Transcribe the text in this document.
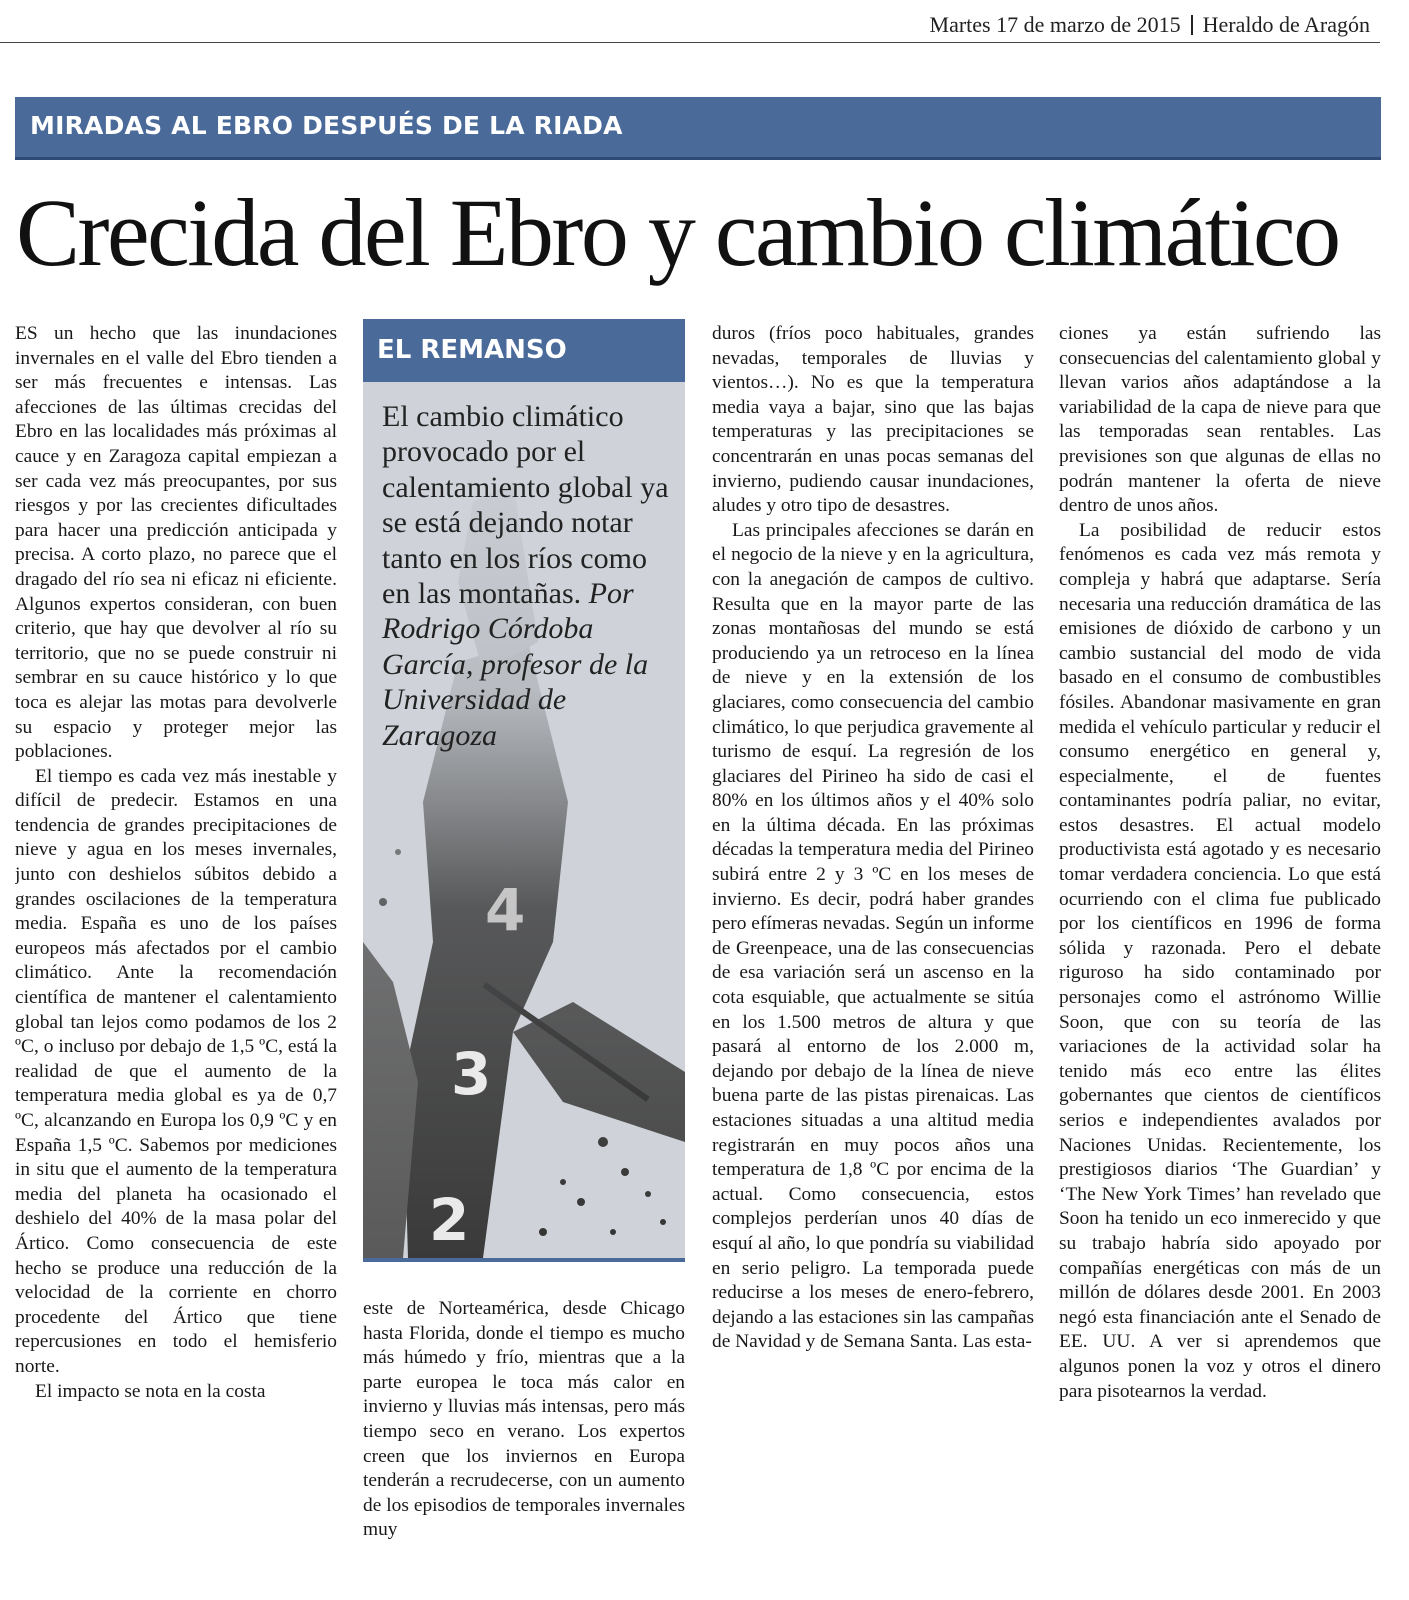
Martes 17 de marzo de 2015 Heraldo de Aragón
MIRADAS AL EBRO DESPUÉS DE LA RIADA
Crecida del Ebro y cambio climático

ES un hecho que las inundaciones invernales en el valle del Ebro tienden a ser más frecuentes e intensas. Las afecciones de las últimas crecidas del Ebro en las localidades más próximas al cauce y en Zaragoza capital empiezan a ser cada vez más preocupantes, por sus riesgos y por las crecientes dificultades para hacer una predicción anticipada y precisa. A corto plazo, no parece que el dragado del río sea ni eficaz ni eficiente. Algunos expertos consideran, con buen criterio, que hay que devolver al río su territorio, que no se puede construir ni sembrar en su cauce histórico y lo que toca es alejar las motas para devolverle su espacio y proteger mejor las poblaciones.

El tiempo es cada vez más inestable y difícil de predecir. Estamos en una tendencia de grandes precipitaciones de nieve y agua en los meses invernales, junto con deshielos súbitos debido a grandes oscilaciones de la temperatura media. España es uno de los países europeos más afectados por el cambio climático. Ante la recomendación científica de mantener el calentamiento global tan lejos como podamos de los 2 ºC, o incluso por debajo de 1,5 ºC, está la realidad de que el aumento de la temperatura media global es ya de 0,7 ºC, alcanzando en Europa los 0,9 ºC y en España 1,5 ºC. Sabemos por mediciones in situ que el aumento de la temperatura media del planeta ha ocasionado el deshielo del 40% de la masa polar del Ártico. Como consecuencia de este hecho se produce una reducción de la velocidad de la corriente en chorro procedente del Ártico que tiene repercusiones en todo el hemisferio norte.

El impacto se nota en la costa

4
3
2
EL REMANSO
El cambio climático provocado por el calentamiento global ya se está dejando notar tanto en los ríos como en las montañas. Por Rodrigo Córdoba García, profesor de la Universidad de Zaragoza

este de Norteamérica, desde Chicago hasta Florida, donde el tiempo es mucho más húmedo y frío, mientras que a la parte europea le toca más calor en invierno y lluvias más intensas, pero más tiempo seco en verano. Los expertos creen que los inviernos en Europa tenderán a recrudecerse, con un aumento de los episodios de temporales invernales muy

duros (fríos poco habituales, grandes nevadas, temporales de lluvias y vientos…). No es que la temperatura media vaya a bajar, sino que las bajas temperaturas y las precipitaciones se concentrarán en unas pocas semanas del invierno, pudiendo causar inundaciones, aludes y otro tipo de desastres.

Las principales afecciones se darán en el negocio de la nieve y en la agricultura, con la anegación de campos de cultivo. Resulta que en la mayor parte de las zonas montañosas del mundo se está produciendo ya un retroceso en la línea de nieve y en la extensión de los glaciares, como consecuencia del cambio climático, lo que perjudica gravemente al turismo de esquí. La regresión de los glaciares del Pirineo ha sido de casi el 80% en los últimos años y el 40% solo en la última década. En las próximas décadas la temperatura media del Pirineo subirá entre 2 y 3 ºC en los meses de invierno. Es decir, podrá haber grandes pero efímeras nevadas. Según un informe de Greenpeace, una de las consecuencias de esa variación será un ascenso en la cota esquiable, que actualmente se sitúa en los 1.500 metros de altura y que pasará al entorno de los 2.000 m, dejando por debajo de la línea de nieve buena parte de las pistas pirenaicas. Las estaciones situadas a una altitud media registrarán en muy pocos años una temperatura de 1,8 ºC por encima de la actual. Como consecuencia, estos complejos perderían unos 40 días de esquí al año, lo que pondría su viabilidad en serio peligro. La temporada puede reducirse a los meses de enero-febrero, dejando a las estaciones sin las campañas de Navidad y de Semana Santa. Las esta-

ciones ya están sufriendo las consecuencias del calentamiento global y llevan varios años adaptándose a la variabilidad de la capa de nieve para que las temporadas sean rentables. Las previsiones son que algunas de ellas no podrán mantener la oferta de nieve dentro de unos años.

La posibilidad de reducir estos fenómenos es cada vez más remota y compleja y habrá que adaptarse. Sería necesaria una reducción dramática de las emisiones de dióxido de carbono y un cambio sustancial del modo de vida basado en el consumo de combustibles fósiles. Abandonar masivamente en gran medida el vehículo particular y reducir el consumo energético en general y, especialmente, el de fuentes contaminantes podría paliar, no evitar, estos desastres. El actual modelo productivista está agotado y es necesario tomar verdadera conciencia. Lo que está ocurriendo con el clima fue publicado por los científicos en 1996 de forma sólida y razonada. Pero el debate riguroso ha sido contaminado por personajes como el astrónomo Willie Soon, que con su teoría de las variaciones de la actividad solar ha tenido más eco entre las élites gobernantes que cientos de científicos serios e independientes avalados por Naciones Unidas. Recientemente, los prestigiosos diarios ‘The Guardian’ y ‘The New York Times’ han revelado que Soon ha tenido un eco inmerecido y que su trabajo habría sido apoyado por compañías energéticas con más de un millón de dólares desde 2001. En 2003 negó esta financiación ante el Senado de EE. UU. A ver si aprendemos que algunos ponen la voz y otros el dinero para pisotearnos la verdad.
